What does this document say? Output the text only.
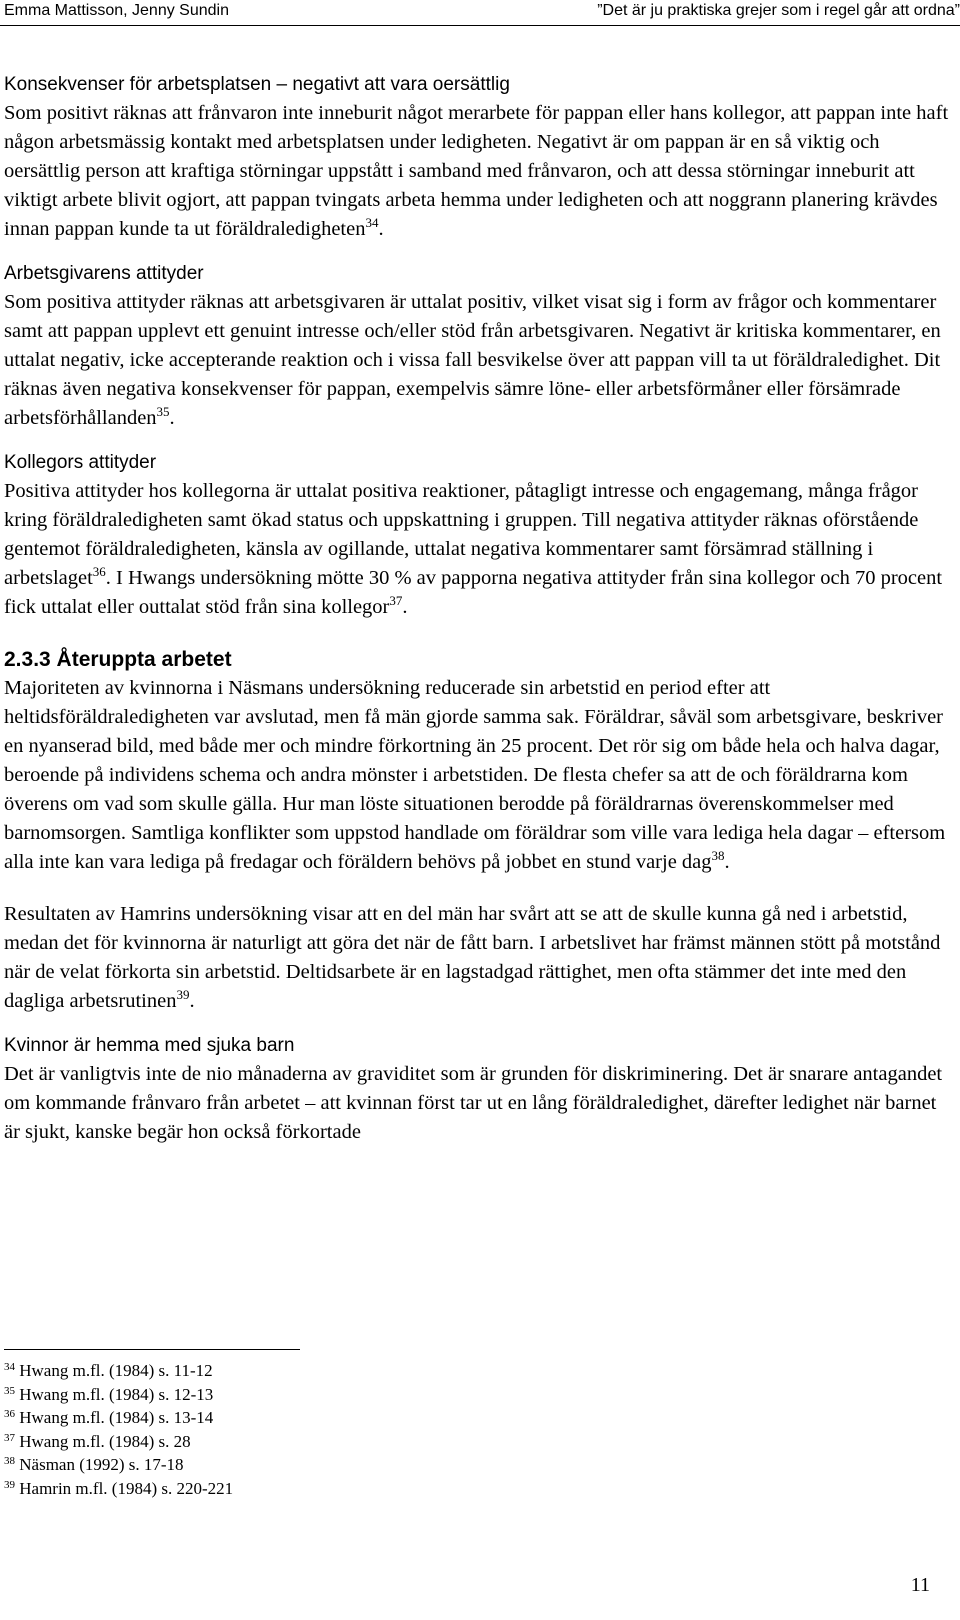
Emma Mattisson, Jenny Sundin	”Det är ju praktiska grejer som i regel går att ordna”
Konsekvenser för arbetsplatsen – negativt att vara oersättlig

Som positivt räknas att frånvaron inte inneburit något merarbete för pappan eller hans kollegor, att pappan inte haft någon arbetsmässig kontakt med arbetsplatsen under ledigheten. Negativt är om pappan är en så viktig och oersättlig person att kraftiga störningar uppstått i samband med frånvaron, och att dessa störningar inneburit att viktigt arbete blivit ogjort, att pappan tvingats arbeta hemma under ledigheten och att noggrann planering krävdes innan pappan kunde ta ut föräldraledigheten$^{34}$.

Arbetsgivarens attityder

Som positiva attityder räknas att arbetsgivaren är uttalat positiv, vilket visat sig i form av frågor och kommentarer samt att pappan upplevt ett genuint intresse och/eller stöd från arbetsgivaren. Negativt är kritiska kommentarer, en uttalat negativ, icke accepterande reaktion och i vissa fall besvikelse över att pappan vill ta ut föräldraledighet. Dit räknas även negativa konsekvenser för pappan, exempelvis sämre löne- eller arbetsförmåner eller försämrade arbetsförhållanden$^{35}$.

Kollegors attityder

Positiva attityder hos kollegorna är uttalat positiva reaktioner, påtagligt intresse och engagemang, många frågor kring föräldraledigheten samt ökad status och uppskattning i gruppen. Till negativa attityder räknas oförstående gentemot föräldraledigheten, känsla av ogillande, uttalat negativa kommentarer samt försämrad ställning i arbetslaget$^{36}$. I Hwangs undersökning mötte 30 % av papporna negativa attityder från sina kollegor och 70 procent fick uttalat eller outtalat stöd från sina kollegor$^{37}$.

2.3.3 Återuppta arbetet

Majoriteten av kvinnorna i Näsmans undersökning reducerade sin arbetstid en period efter att heltidsföräldraledigheten var avslutad, men få män gjorde samma sak. Föräldrar, såväl som arbetsgivare, beskriver en nyanserad bild, med både mer och mindre förkortning än 25 procent. Det rör sig om både hela och halva dagar, beroende på individens schema och andra mönster i arbetstiden. De flesta chefer sa att de och föräldrarna kom överens om vad som skulle gälla. Hur man löste situationen berodde på föräldrarnas överenskommelser med barnomsorgen. Samtliga konflikter som uppstod handlade om föräldrar som ville vara lediga hela dagar – eftersom alla inte kan vara lediga på fredagar och föräldern behövs på jobbet en stund varje dag$^{38}$.

Resultaten av Hamrins undersökning visar att en del män har svårt att se att de skulle kunna gå ned i arbetstid, medan det för kvinnorna är naturligt att göra det när de fått barn. I arbetslivet har främst männen stött på motstånd när de velat förkorta sin arbetstid. Deltidsarbete är en lagstadgad rättighet, men ofta stämmer det inte med den dagliga arbetsrutinen$^{39}$.

Kvinnor är hemma med sjuka barn

Det är vanligtvis inte de nio månaderna av graviditet som är grunden för diskriminering. Det är snarare antagandet om kommande frånvaro från arbetet – att kvinnan först tar ut en lång föräldraledighet, därefter ledighet när barnet är sjukt, kanske begär hon också förkortade

$^{34}$ Hwang m.fl. (1984) s. 11-12
$^{35}$ Hwang m.fl. (1984) s. 12-13
$^{36}$ Hwang m.fl. (1984) s. 13-14
$^{37}$ Hwang m.fl. (1984) s. 28
$^{38}$ Näsman (1992) s. 17-18
$^{39}$ Hamrin m.fl. (1984) s. 220-221
11
